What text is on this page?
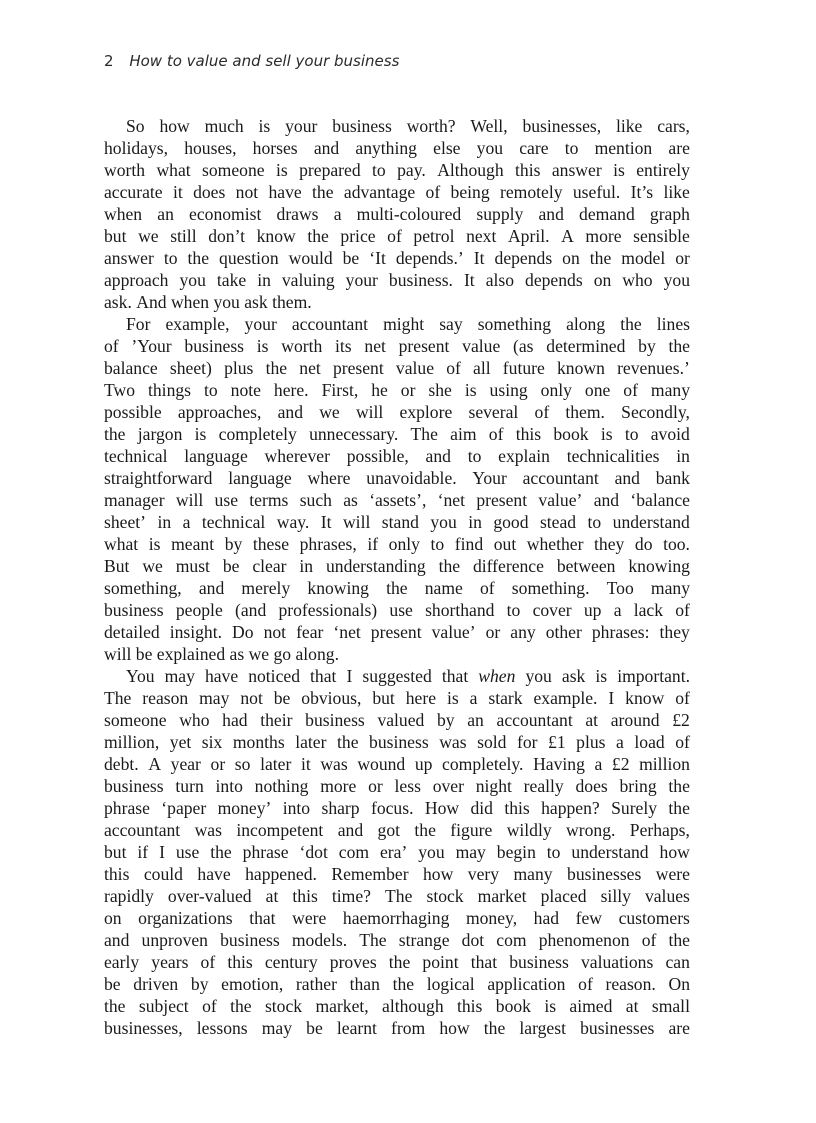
2 How to value and sell your business
So how much is your business worth? Well, businesses, like cars,
holidays, houses, horses and anything else you care to mention are
worth what someone is prepared to pay. Although this answer is entirely
accurate it does not have the advantage of being remotely useful. It’s like
when an economist draws a multi-coloured supply and demand graph
but we still don’t know the price of petrol next April. A more sensible
answer to the question would be ‘It depends.’ It depends on the model or
approach you take in valuing your business. It also depends on who you
ask. And when you ask them.
For example, your accountant might say something along the lines
of ’Your business is worth its net present value (as determined by the
balance sheet) plus the net present value of all future known revenues.’
Two things to note here. First, he or she is using only one of many
possible approaches, and we will explore several of them. Secondly,
the jargon is completely unnecessary. The aim of this book is to avoid
technical language wherever possible, and to explain technicalities in
straightforward language where unavoidable. Your accountant and bank
manager will use terms such as ‘assets’, ‘net present value’ and ‘balance
sheet’ in a technical way. It will stand you in good stead to understand
what is meant by these phrases, if only to find out whether they do too.
But we must be clear in understanding the difference between knowing
something, and merely knowing the name of something. Too many
business people (and professionals) use shorthand to cover up a lack of
detailed insight. Do not fear ‘net present value’ or any other phrases: they
will be explained as we go along.
You may have noticed that I suggested that when you ask is important.
The reason may not be obvious, but here is a stark example. I know of
someone who had their business valued by an accountant at around £2
million, yet six months later the business was sold for £1 plus a load of
debt. A year or so later it was wound up completely. Having a £2 million
business turn into nothing more or less over night really does bring the
phrase ‘paper money’ into sharp focus. How did this happen? Surely the
accountant was incompetent and got the figure wildly wrong. Perhaps,
but if I use the phrase ‘dot com era’ you may begin to understand how
this could have happened. Remember how very many businesses were
rapidly over-valued at this time? The stock market placed silly values
on organizations that were haemorrhaging money, had few customers
and unproven business models. The strange dot com phenomenon of the
early years of this century proves the point that business valuations can
be driven by emotion, rather than the logical application of reason. On
the subject of the stock market, although this book is aimed at small
businesses, lessons may be learnt from how the largest businesses are
